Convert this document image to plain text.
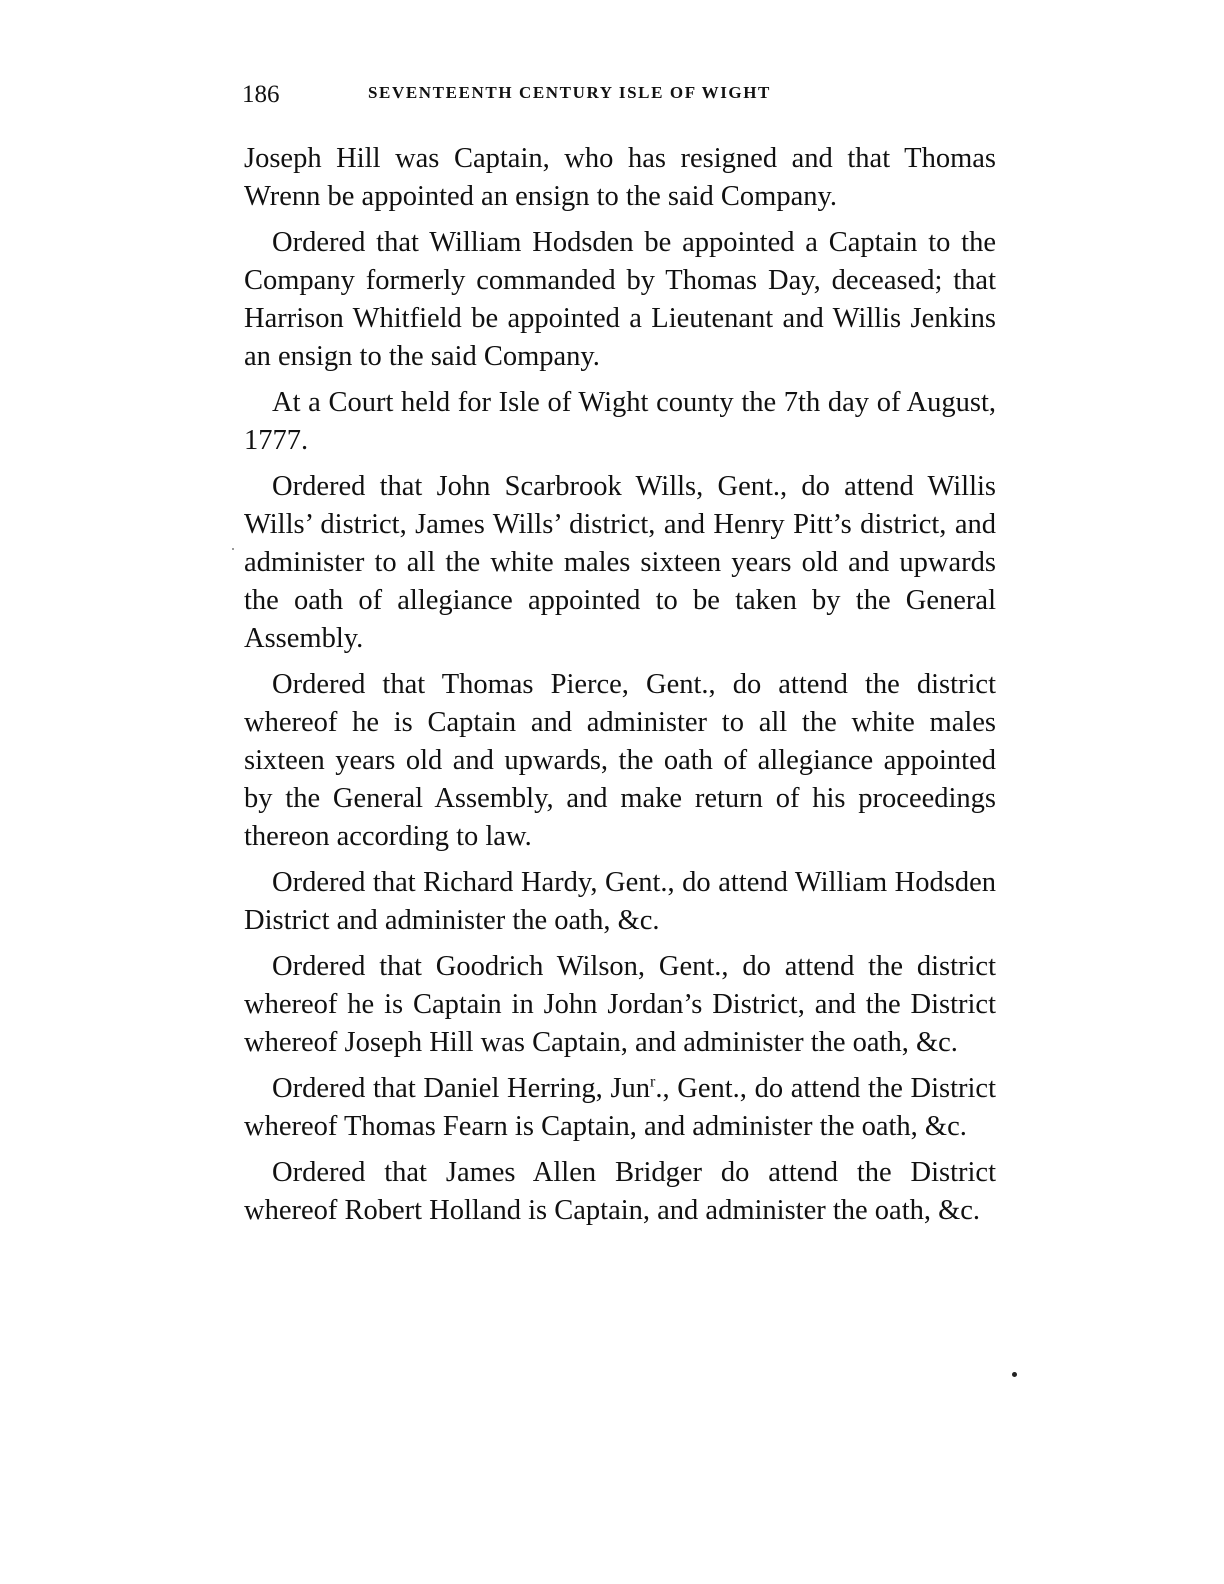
186	SEVENTEENTH CENTURY ISLE OF WIGHT

Joseph Hill was Captain, who has resigned and that Thomas Wrenn be appointed an ensign to the said Company.

Ordered that William Hodsden be appointed a Captain to the Company formerly commanded by Thomas Day, deceased; that Harrison Whitfield be appointed a Lieutenant and Willis Jenkins an ensign to the said Company.

At a Court held for Isle of Wight county the 7th day of August, 1777.

Ordered that John Scarbrook Wills, Gent., do attend Willis Wills’ district, James Wills’ district, and Henry Pitt’s district, and administer to all the white males sixteen years old and upwards the oath of allegiance appointed to be taken by the General Assembly.

Ordered that Thomas Pierce, Gent., do attend the district whereof he is Captain and administer to all the white males sixteen years old and upwards, the oath of allegiance appointed by the General Assembly, and make return of his proceedings thereon according to law.

Ordered that Richard Hardy, Gent., do attend William Hodsden District and administer the oath, &c.

Ordered that Goodrich Wilson, Gent., do attend the district whereof he is Captain in John Jordan’s District, and the District whereof Joseph Hill was Captain, and administer the oath, &c.

Ordered that Daniel Herring, Jun$^r$., Gent., do attend the District whereof Thomas Fearn is Captain, and administer the oath, &c.

Ordered that James Allen Bridger do attend the District whereof Robert Holland is Captain, and administer the oath, &c.
